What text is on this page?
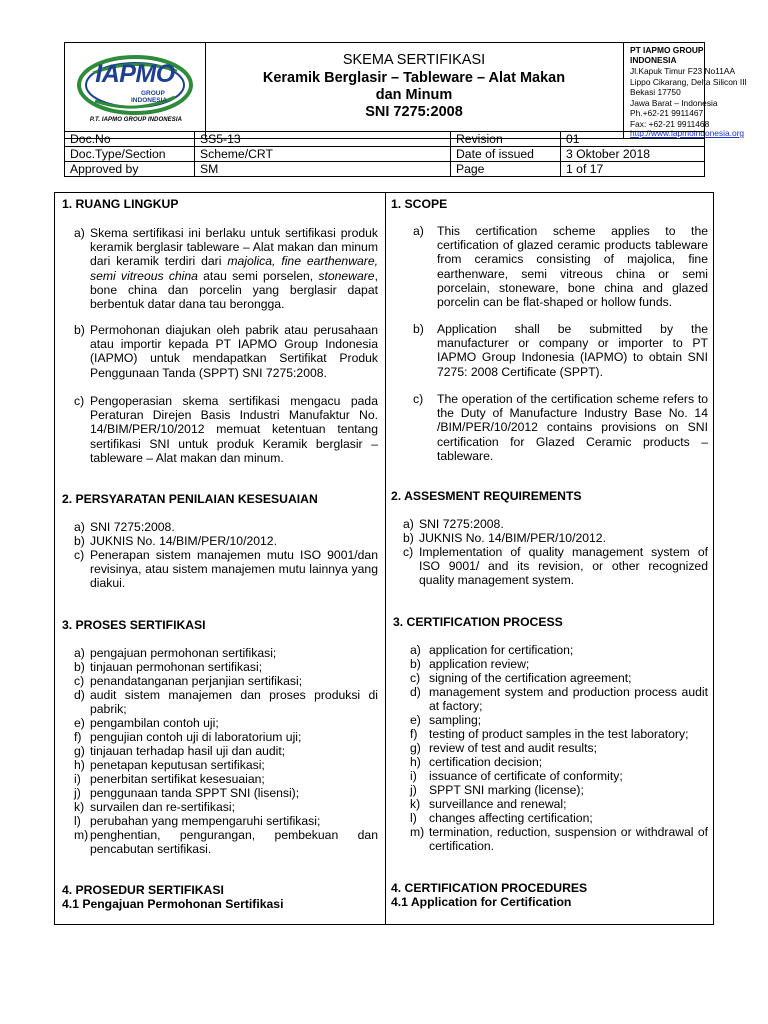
IAPMO
GROUP
INDONESIA
P.T. IAPMO GROUP INDONESIA
SKEMA SERTIFIKASI
Keramik Berglasir – Tableware – Alat Makan
dan Minum
SNI 7275:2008
PT IAPMO GROUP
INDONESIA
Jl.Kapuk Timur F23 No11AA
Lippo Cikarang, Delta Silicon III
Bekasi 17750
Jawa Barat – Indonesia
Ph.+62-21 9911467
Fax: +62-21 9911468
http://www.iapmoindonesia.org
Doc.No	SS5-13	Revision	01
Doc.Type/Section	Scheme/CRT	Date of issued	3 Oktober 2018
Approved by	SM	Page	1 of 17
1. RUANG LINGKUP
a) Skema sertifikasi ini berlaku untuk sertifikasi produk keramik berglasir tableware – Alat makan dan minum dari keramik terdiri dari majolica, fine earthenware, semi vitreous china atau semi porselen, stoneware, bone china dan porcelin yang berglasir dapat berbentuk datar dana tau berongga.
b) Permohonan diajukan oleh pabrik atau perusahaan atau importir kepada PT IAPMO Group Indonesia (IAPMO) untuk mendapatkan Sertifikat Produk Penggunaan Tanda (SPPT) SNI 7275:2008.
c) Pengoperasian skema sertifikasi mengacu pada Peraturan Direjen Basis Industri Manufaktur No. 14/BIM/PER/10/2012 memuat ketentuan tentang sertifikasi SNI untuk produk Keramik berglasir – tableware – Alat makan dan minum.
2. PERSYARATAN PENILAIAN KESESUAIAN
a) SNI 7275:2008.
b) JUKNIS No. 14/BIM/PER/10/2012.
c) Penerapan sistem manajemen mutu ISO 9001/dan revisinya, atau sistem manajemen mutu lainnya yang diakui.
3. PROSES SERTIFIKASI
a) pengajuan permohonan sertifikasi;
b) tinjauan permohonan sertifikasi;
c) penandatanganan perjanjian sertifikasi;
d) audit sistem manajemen dan proses produksi di pabrik;
e) pengambilan contoh uji;
f) pengujian contoh uji di laboratorium uji;
g) tinjauan terhadap hasil uji dan audit;
h) penetapan keputusan sertifikasi;
i) penerbitan sertifikat kesesuaian;
j) penggunaan tanda SPPT SNI (lisensi);
k) survailen dan re-sertifikasi;
l) perubahan yang mempengaruhi sertifikasi;
m) penghentian, pengurangan, pembekuan dan pencabutan sertifikasi.
4. PROSEDUR SERTIFIKASI
4.1 Pengajuan Permohonan Sertifikasi
1. SCOPE
a) This certification scheme applies to the certification of glazed ceramic products tableware from ceramics consisting of majolica, fine earthenware, semi vitreous china or semi porcelain, stoneware, bone china and glazed porcelin can be flat-shaped or hollow funds.
b) Application shall be submitted by the manufacturer or company or importer to PT IAPMO Group Indonesia (IAPMO) to obtain SNI 7275: 2008 Certificate (SPPT).
c) The operation of the certification scheme refers to the Duty of Manufacture Industry Base No. 14 /BIM/PER/10/2012 contains provisions on SNI certification for Glazed Ceramic products – tableware.
2. ASSESMENT REQUIREMENTS
a) SNI 7275:2008.
b) JUKNIS No. 14/BIM/PER/10/2012.
c) Implementation of quality management system of ISO 9001/ and its revision, or other recognized quality management system.
3. CERTIFICATION PROCESS
a) application for certification;
b) application review;
c) signing of the certification agreement;
d) management system and production process audit at factory;
e) sampling;
f) testing of product samples in the test laboratory;
g) review of test and audit results;
h) certification decision;
i) issuance of certificate of conformity;
j) SPPT SNI marking (license);
k) surveillance and renewal;
l) changes affecting certification;
m) termination, reduction, suspension or withdrawal of certification.
4. CERTIFICATION PROCEDURES
4.1 Application for Certification
